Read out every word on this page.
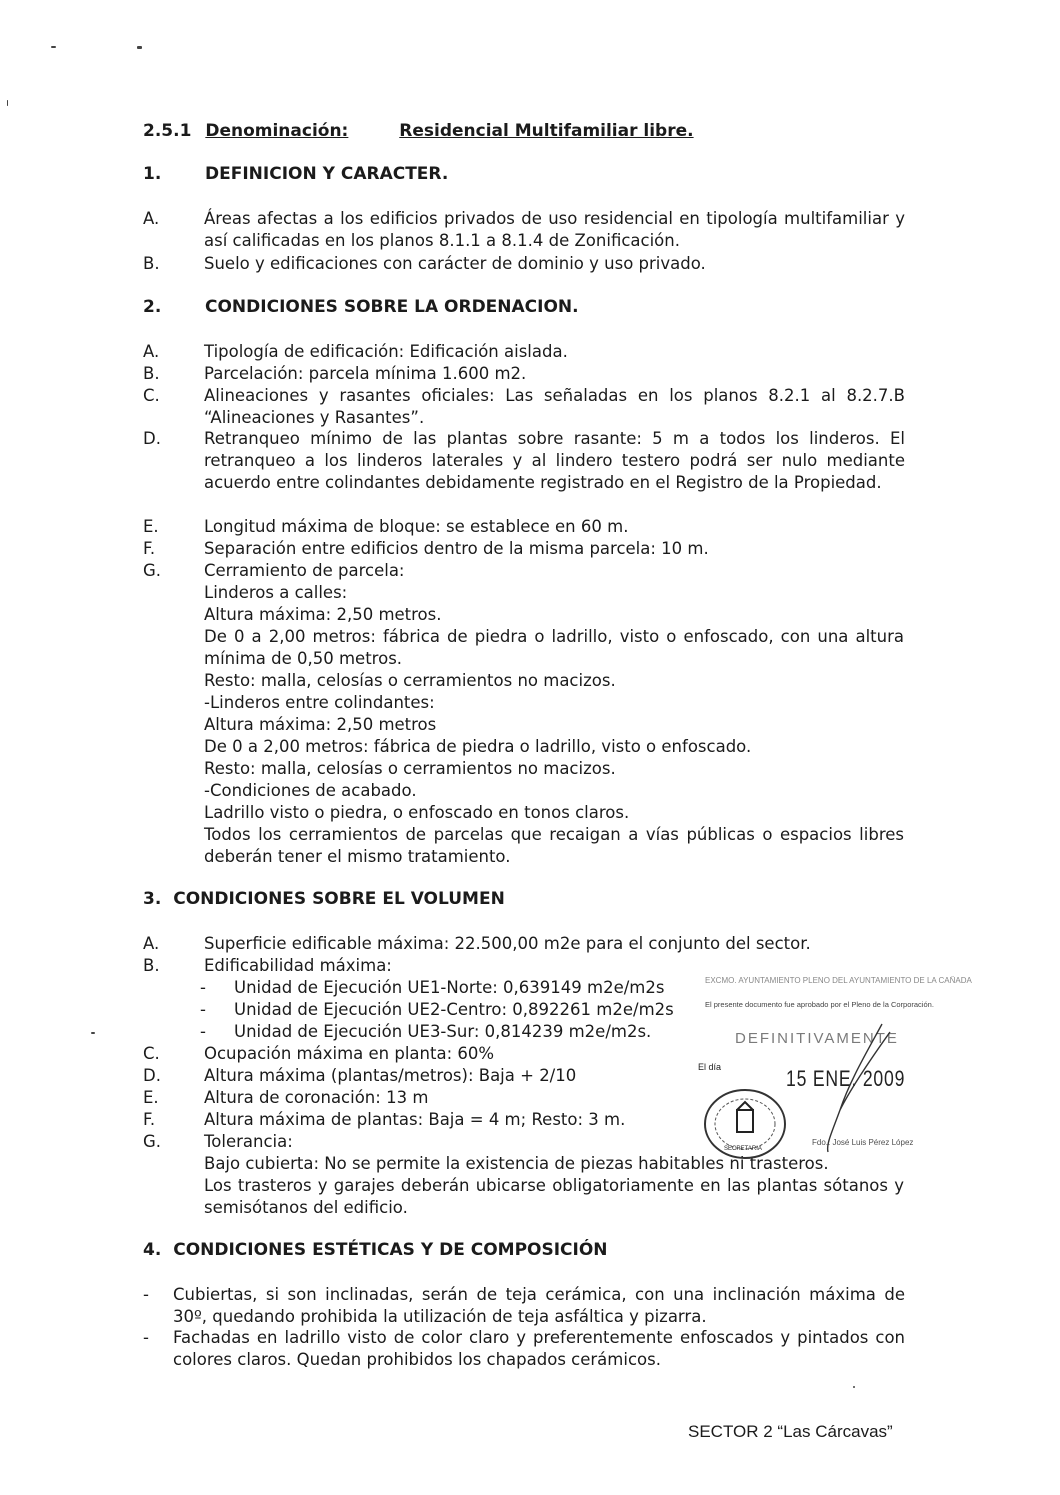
2.5.1 Denominación:	Residencial Multifamiliar libre.
1.	DEFINICION Y CARACTER.
A.	Áreas afectas a los edificios privados de uso residencial en tipología multifamiliar y así calificadas en los planos 8.1.1 a 8.1.4 de Zonificación.
B.	Suelo y edificaciones con carácter de dominio y uso privado.
2.	CONDICIONES SOBRE LA ORDENACION.
A.	Tipología de edificación: Edificación aislada.
B.	Parcelación: parcela mínima 1.600 m2.
C.	Alineaciones y rasantes oficiales: Las señaladas en los planos 8.2.1 al 8.2.7.B “Alineaciones y Rasantes”.
D.	Retranqueo mínimo de las plantas sobre rasante: 5 m a todos los linderos. El retranqueo a los linderos laterales y al lindero testero podrá ser nulo mediante acuerdo entre colindantes debidamente registrado en el Registro de la Propiedad.
E.	Longitud máxima de bloque: se establece en 60 m.
F.	Separación entre edificios dentro de la misma parcela: 10 m.
G.	Cerramiento de parcela:
Linderos a calles:
Altura máxima: 2,50 metros.
De 0 a 2,00 metros: fábrica de piedra o ladrillo, visto o enfoscado, con una altura mínima de 0,50 metros.
Resto: malla, celosías o cerramientos no macizos.
-Linderos entre colindantes:
Altura máxima: 2,50 metros
De 0 a 2,00 metros: fábrica de piedra o ladrillo, visto o enfoscado.
Resto: malla, celosías o cerramientos no macizos.
-Condiciones de acabado.
Ladrillo visto o piedra, o enfoscado en tonos claros.
Todos los cerramientos de parcelas que recaigan a vías públicas o espacios libres deberán tener el mismo tratamiento.
3. CONDICIONES SOBRE EL VOLUMEN
A.	Superficie edificable máxima: 22.500,00 m2e para el conjunto del sector.
B.	Edificabilidad máxima:
- Unidad de Ejecución UE1-Norte: 0,639149 m2e/m2s
- Unidad de Ejecución UE2-Centro: 0,892261 m2e/m2s
- Unidad de Ejecución UE3-Sur: 0,814239 m2e/m2s.
C.	Ocupación máxima en planta: 60%
D.	Altura máxima (plantas/metros): Baja + 2/10
E.	Altura de coronación: 13 m
F.	Altura máxima de plantas: Baja = 4 m; Resto: 3 m.
G.	Tolerancia:
Bajo cubierta: No se permite la existencia de piezas habitables ni trasteros.
Los trasteros y garajes deberán ubicarse obligatoriamente en las plantas sótanos y semisótanos del edificio.
4. CONDICIONES ESTÉTICAS Y DE COMPOSICIÓN
- Cubiertas, si son inclinadas, serán de teja cerámica, con una inclinación máxima de 30º, quedando prohibida la utilización de teja asfáltica y pizarra.
- Fachadas en ladrillo visto de color claro y preferentemente enfoscados y pintados con colores claros. Quedan prohibidos los chapados cerámicos.
EXCMO. AYUNTAMIENTO PLENO DEL AYUNTAMIENTO DE LA CAÑADA
El presente documento fue aprobado por el Pleno de la Corporación.
DEFINITIVAMENTE
El día	15 ENE. 2009
SECRETARIA
Fdo.: José Luis Pérez López
SECTOR 2 “Las Cárcavas”
